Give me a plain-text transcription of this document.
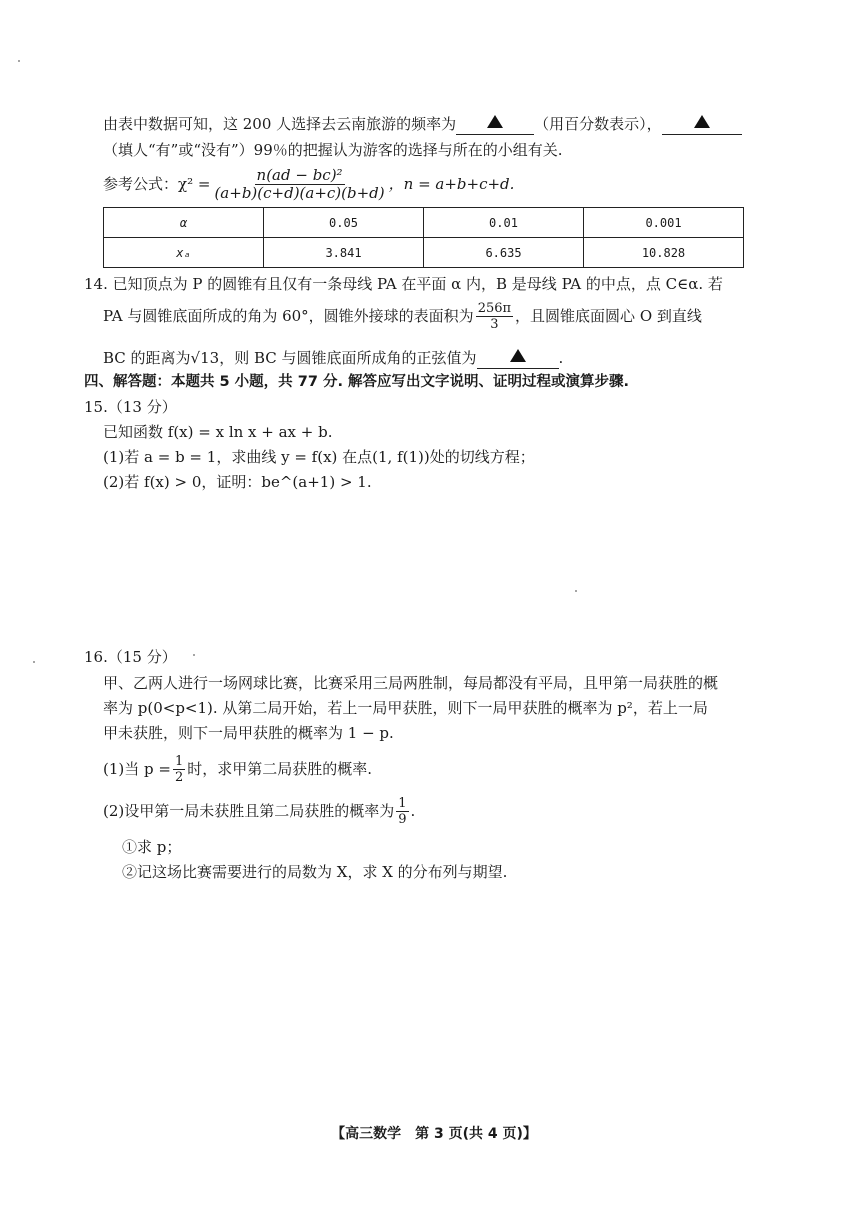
由表中数据可知，这 200 人选择去云南旅游的频率为	（用百分数表示），
（填人“有”或“没有”）99％的把握认为游客的选择与所在的小组有关.
参考公式：$\chi^2 = \frac{\text{n(ad − bc)²}}{(a+b)(c+d)(a+c)(b+d)}$ ，n = a+b+c+d.
α	0.05	0.01	0.001
xₐ	3.841	6.635	10.828
14. 已知顶点为 P 的圆锥有且仅有一条母线 PA 在平面 α 内，B 是母线 PA 的中点，点 C∈α. 若
PA 与圆锥底面所成的角为 60°，圆锥外接球的表面积为 $\frac{256\pi}{3}$ ，且圆锥底面圆心 O 到直线
BC 的距离为√13，则 BC 与圆锥底面所成角的正弦值为	.
四、解答题：本题共 5 小题，共 77 分. 解答应写出文字说明、证明过程或演算步骤.
15.（13 分）
已知函数 f(x) = x ln x + ax + b.
(1)若 a = b = 1，求曲线 y = f(x) 在点(1, f(1))处的切线方程；
(2)若 f(x) > 0，证明：be^(a+1) > 1.
16.（15 分）
甲、乙两人进行一场网球比赛，比赛采用三局两胜制，每局都没有平局，且甲第一局获胜的概
率为 p(0<p<1). 从第二局开始，若上一局甲获胜，则下一局甲获胜的概率为 p²，若上一局
甲未获胜，则下一局甲获胜的概率为 1 − p.
(1)当 $p = \frac{1}{2}$ 时，求甲第二局获胜的概率.
(2)设甲第一局未获胜且第二局获胜的概率为 $\frac{1}{9}$ .
①求 p；
②记这场比赛需要进行的局数为 X，求 X 的分布列与期望.
【高三数学　第 3 页(共 4 页)】
